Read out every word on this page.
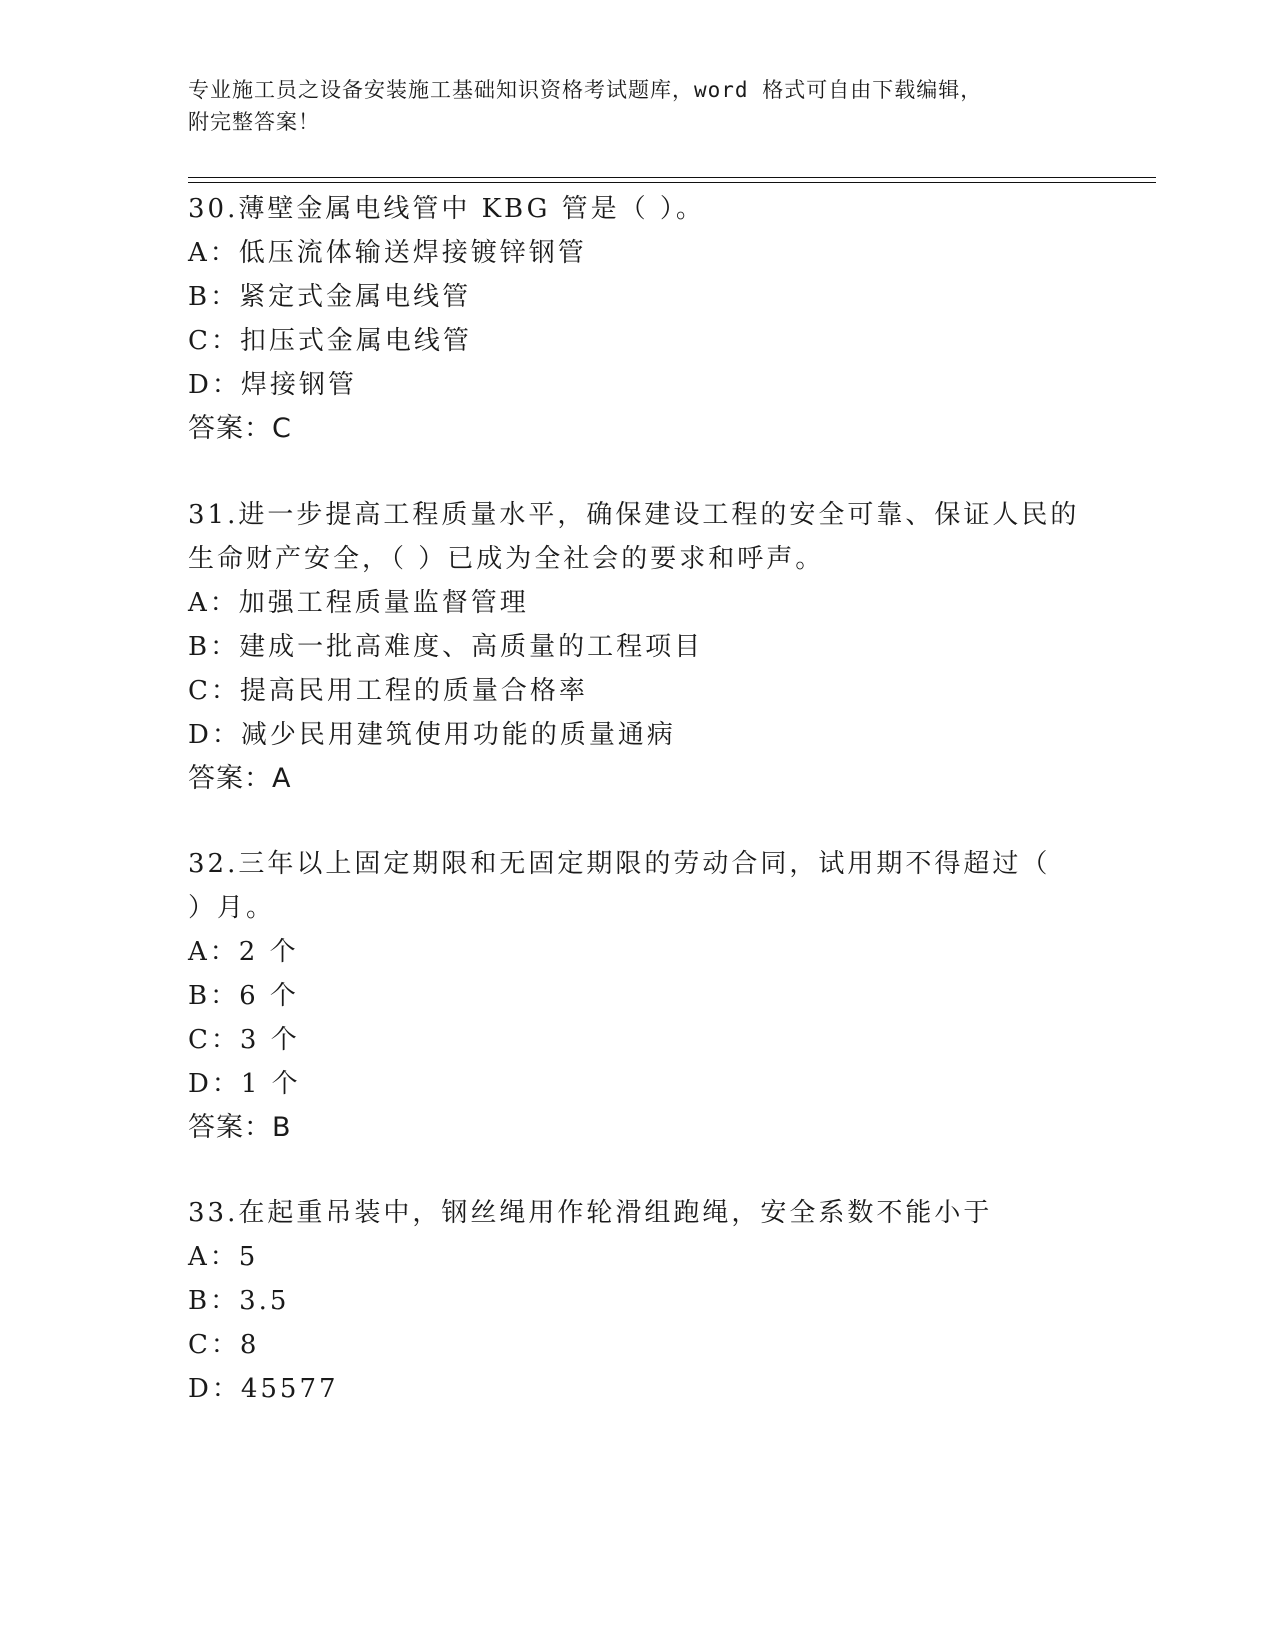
专业施工员之设备安装施工基础知识资格考试题库，word 格式可自由下载编辑，
附完整答案！
30.薄壁金属电线管中 KBG 管是（ ）。
A：低压流体输送焊接镀锌钢管
B：紧定式金属电线管
C：扣压式金属电线管
D：焊接钢管
答案：C
31.进一步提高工程质量水平，确保建设工程的安全可靠、保证人民的
生命财产安全，（ ）已成为全社会的要求和呼声。
A：加强工程质量监督管理
B：建成一批高难度、高质量的工程项目
C：提高民用工程的质量合格率
D：减少民用建筑使用功能的质量通病
答案：A
32.三年以上固定期限和无固定期限的劳动合同，试用期不得超过（
）月。
A：2 个
B：6 个
C：3 个
D：1 个
答案：B
33.在起重吊装中，钢丝绳用作轮滑组跑绳，安全系数不能小于
A：5
B：3.5
C：8
D：45577
